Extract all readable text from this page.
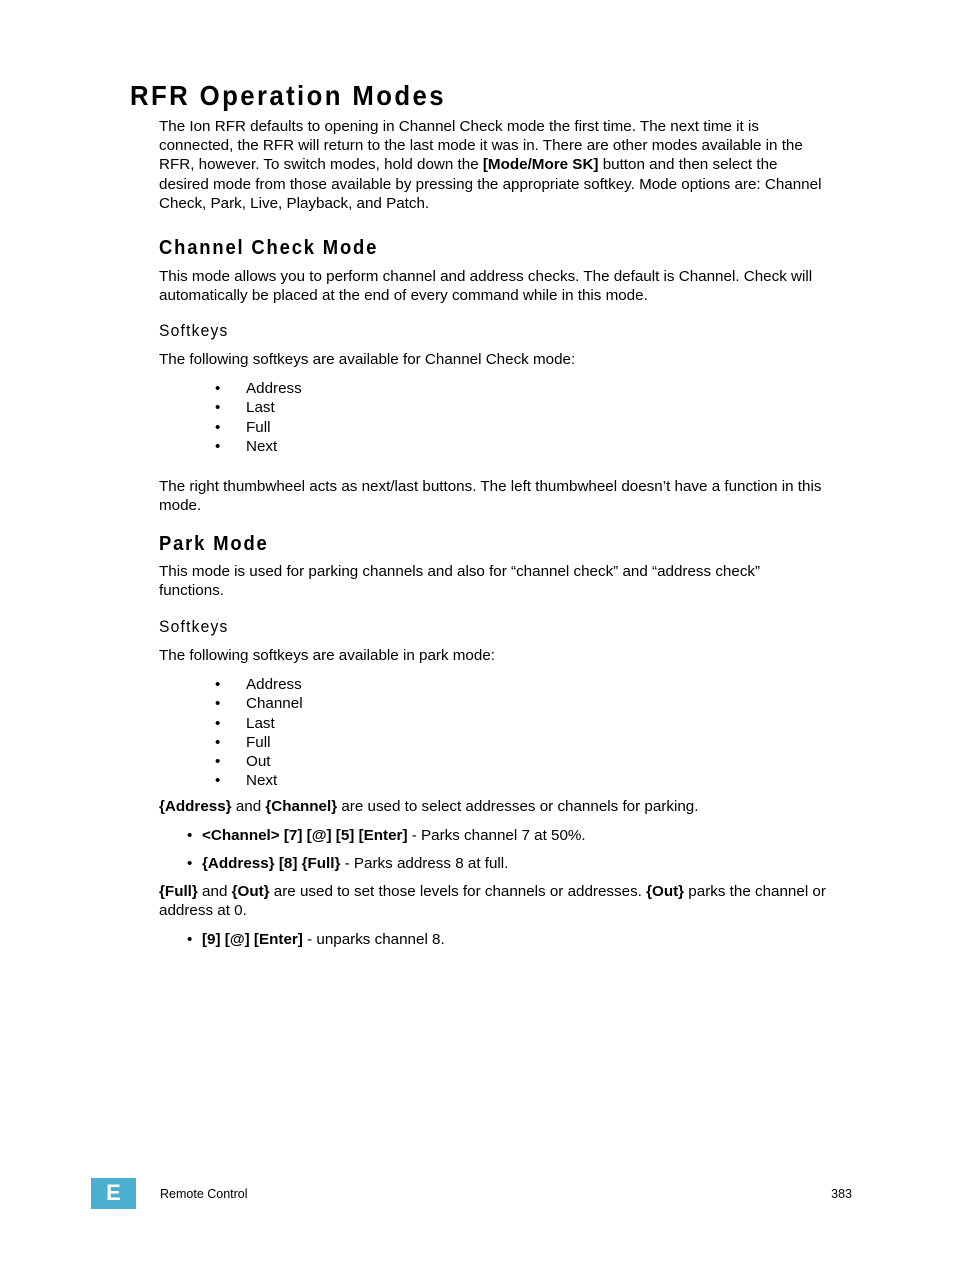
RFR Operation Modes

The Ion RFR defaults to opening in Channel Check mode the first time. The next time it is
connected, the RFR will return to the last mode it was in. There are other modes available in the
RFR, however. To switch modes, hold down the [Mode/More SK] button and then select the
desired mode from those available by pressing the appropriate softkey. Mode options are: Channel
Check, Park, Live, Playback, and Patch.

Channel Check Mode

This mode allows you to perform channel and address checks. The default is Channel. Check will
automatically be placed at the end of every command while in this mode.

Softkeys

The following softkeys are available for Channel Check mode:

• Address
• Last
• Full
• Next

The right thumbwheel acts as next/last buttons. The left thumbwheel doesn’t have a function in this
mode.

Park Mode

This mode is used for parking channels and also for “channel check” and “address check”
functions.

Softkeys

The following softkeys are available in park mode:

• Address
• Channel
• Last
• Full
• Out
• Next

{Address} and {Channel} are used to select addresses or channels for parking.

• <Channel> [7] [@] [5] [Enter] - Parks channel 7 at 50%.

• {Address} [8] {Full} - Parks address 8 at full.

{Full} and {Out} are used to set those levels for channels or addresses. {Out} parks the channel or
address at 0.

• [9] [@] [Enter] - unparks channel 8.

E	Remote Control	383
